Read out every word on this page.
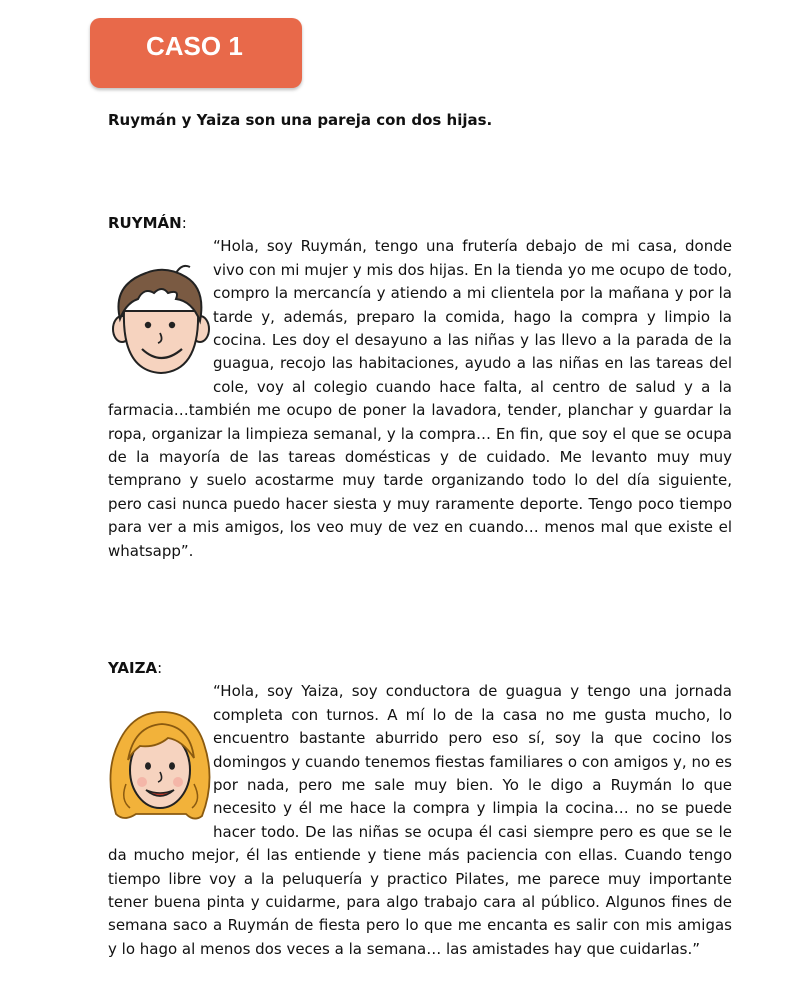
CASO 1
Ruymán y Yaiza son una pareja con dos hijas.

RUYMÁN:
“Hola, soy Ruymán, tengo una frutería debajo de mi casa, donde vivo con mi mujer y mis dos hijas. En la tienda yo me ocupo de todo, compro la mercancía y atiendo a mi clientela por la mañana y por la tarde y, además, preparo la comida, hago la compra y limpio la cocina. Les doy el desayuno a las niñas y las llevo a la parada de la guagua, recojo las habitaciones, ayudo a las niñas en las tareas del cole, voy al colegio cuando hace falta, al centro de salud y a la farmacia…también me ocupo de poner la lavadora, tender, planchar y guardar la ropa, organizar la limpieza semanal, y la compra… En fin, que soy el que se ocupa de la mayoría de las tareas domésticas y de cuidado. Me levanto muy muy temprano y suelo acostarme muy tarde organizando todo lo del día siguiente, pero casi nunca puedo hacer siesta y muy raramente deporte. Tengo poco tiempo para ver a mis amigos, los veo muy de vez en cuando… menos mal que existe el whatsapp”.

YAIZA:
“Hola, soy Yaiza, soy conductora de guagua y tengo una jornada completa con turnos. A mí lo de la casa no me gusta mucho, lo encuentro bastante aburrido pero eso sí, soy la que cocino los domingos y cuando tenemos fiestas familiares o con amigos y, no es por nada, pero me sale muy bien. Yo le digo a Ruymán lo que necesito y él me hace la compra y limpia la cocina… no se puede hacer todo. De las niñas se ocupa él casi siempre pero es que se le da mucho mejor, él las entiende y tiene más paciencia con ellas. Cuando tengo tiempo libre voy a la peluquería y practico Pilates, me parece muy importante tener buena pinta y cuidarme, para algo trabajo cara al público. Algunos fines de semana saco a Ruymán de fiesta pero lo que me encanta es salir con mis amigas y lo hago al menos dos veces a la semana… las amistades hay que cuidarlas.”
